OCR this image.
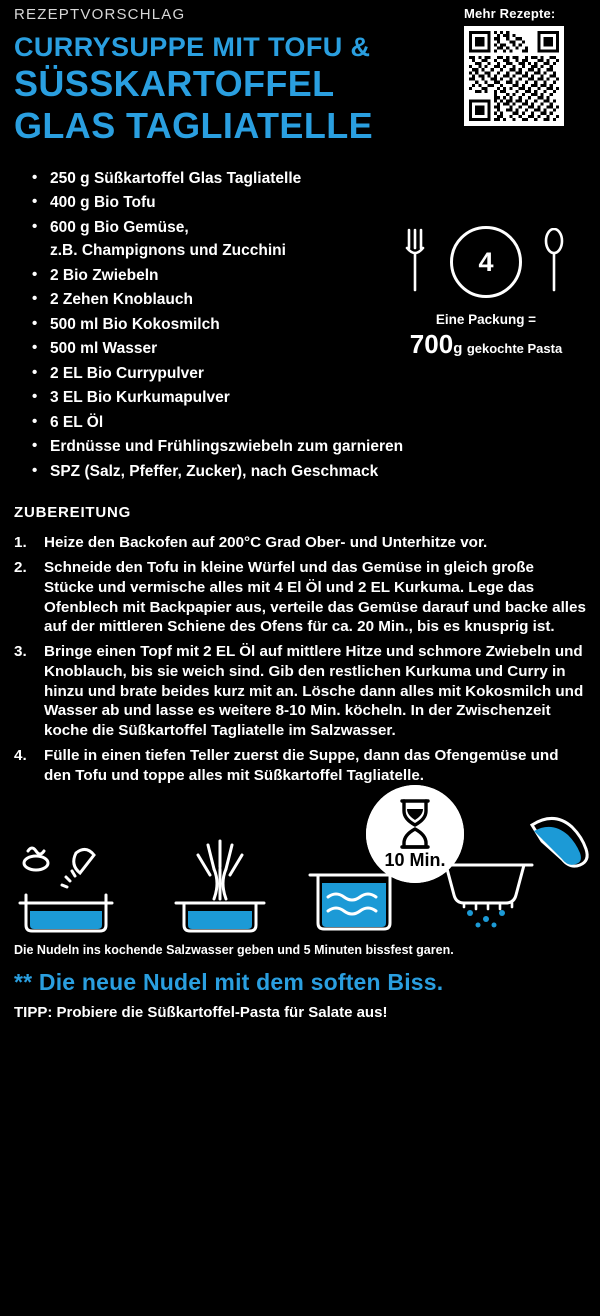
REZEPTVORSCHLAG
CURRYSUPPE MIT TOFU &
SÜSSKARTOFFEL
GLAS TAGLIATELLE
Mehr Rezepte:
• 250 g Süßkartoffel Glas Tagliatelle
• 400 g Bio Tofu
• 600 g Bio Gemüse,
z.B. Champignons und Zucchini
• 2 Bio Zwiebeln
• 2 Zehen Knoblauch
• 500 ml Bio Kokosmilch
• 500 ml Wasser
• 2 EL Bio Currypulver
• 3 EL Bio Kurkumapulver
• 6 EL Öl
• Erdnüsse und Frühlingszwiebeln zum garnieren
• SPZ (Salz, Pfeffer, Zucker), nach Geschmack
4
Eine Packung =
700g gekochte Pasta
ZUBEREITUNG
1. Heize den Backofen auf 200°C Grad Ober- und Unterhitze vor.
2. Schneide den Tofu in kleine Würfel und das Gemüse in gleich große Stücke und vermische alles mit 4 El Öl und 2 EL Kurkuma. Lege das Ofenblech mit Backpapier aus, verteile das Gemüse darauf und backe alles auf der mittleren Schiene des Ofens für ca. 20 Min., bis es knusprig ist.
3. Bringe einen Topf mit 2 EL Öl auf mittlere Hitze und schmore Zwiebeln und Knoblauch, bis sie weich sind. Gib den restlichen Kurkuma und Curry in hinzu und brate beides kurz mit an. Lösche dann alles mit Kokosmilch und Wasser ab und lasse es weitere 8-10 Min. köcheln. In der Zwischenzeit koche die Süßkartoffel Tagliatelle im Salzwasser.
4. Fülle in einen tiefen Teller zuerst die Suppe, dann das Ofengemüse und den Tofu und toppe alles mit Süßkartoffel Tagliatelle.
10 Min.
Die Nudeln ins kochende Salzwasser geben und 5 Minuten bissfest garen.
** Die neue Nudel mit dem soften Biss.
TIPP: Probiere die Süßkartoffel-Pasta für Salate aus!
